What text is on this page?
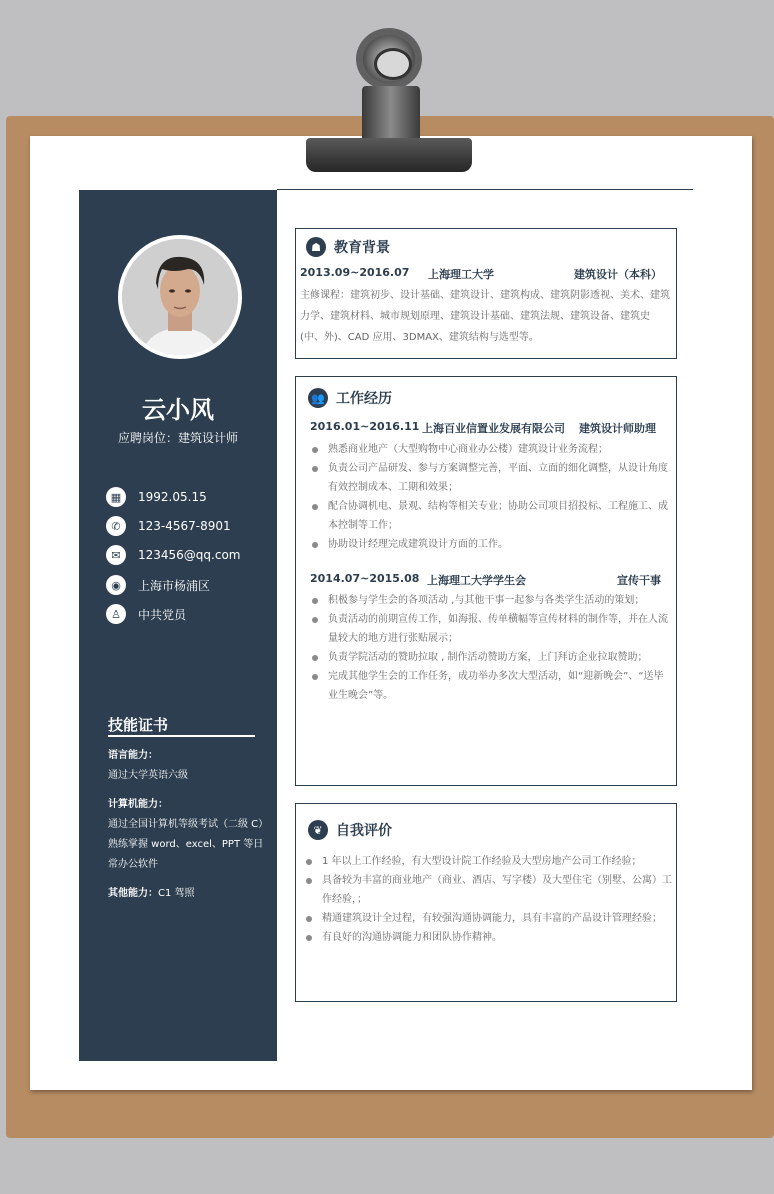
云小风
应聘岗位：建筑设计师
▦	1992.05.15
✆	123-4567-8901
✉	123456@qq.com
◉	上海市杨浦区
♙	中共党员
技能证书
语言能力：
通过大学英语六级
计算机能力：
通过全国计算机等级考试（二级 C）熟练掌握 word、excel、PPT 等日常办公软件
其他能力：C1 驾照
☗ 教育背景
2013.09~2016.07	上海理工大学	建筑设计（本科）
主修课程：建筑初步、设计基础、建筑设计、建筑构成、建筑阴影透视、美术、建筑力学、建筑材料、城市规划原理、建筑设计基础、建筑法规、建筑设备、建筑史(中、外)、CAD 应用、3DMAX、建筑结构与选型等。
👥 工作经历
2016.01~2016.11 上海百业信置业发展有限公司	建筑设计师助理
熟悉商业地产（大型购物中心商业办公楼）建筑设计业务流程；
负责公司产品研发、参与方案调整完善，平面、立面的细化调整，从设计角度有效控制成本、工期和效果；
配合协调机电、景观、结构等相关专业；协助公司项目招投标、工程施工、成本控制等工作；
协助设计经理完成建筑设计方面的工作。
2014.07~2015.08 上海理工大学学生会	宣传干事
积极参与学生会的各项活动 ,与其他干事一起参与各类学生活动的策划；
负责活动的前期宣传工作，如海报、传单横幅等宣传材料的制作等，并在人流量较大的地方进行张贴展示；
负责学院活动的赞助拉取 , 制作活动赞助方案，上门拜访企业拉取赞助；
完成其他学生会的工作任务，成功举办多次大型活动，如“迎新晚会”、“送毕业生晚会”等。
❦ 自我评价
1 年以上工作经验，有大型设计院工作经验及大型房地产公司工作经验；
具备较为丰富的商业地产（商业、酒店、写字楼）及大型住宅（别墅、公寓）工作经验，；
精通建筑设计全过程，有较强沟通协调能力，具有丰富的产品设计管理经验；
有良好的沟通协调能力和团队协作精神。
